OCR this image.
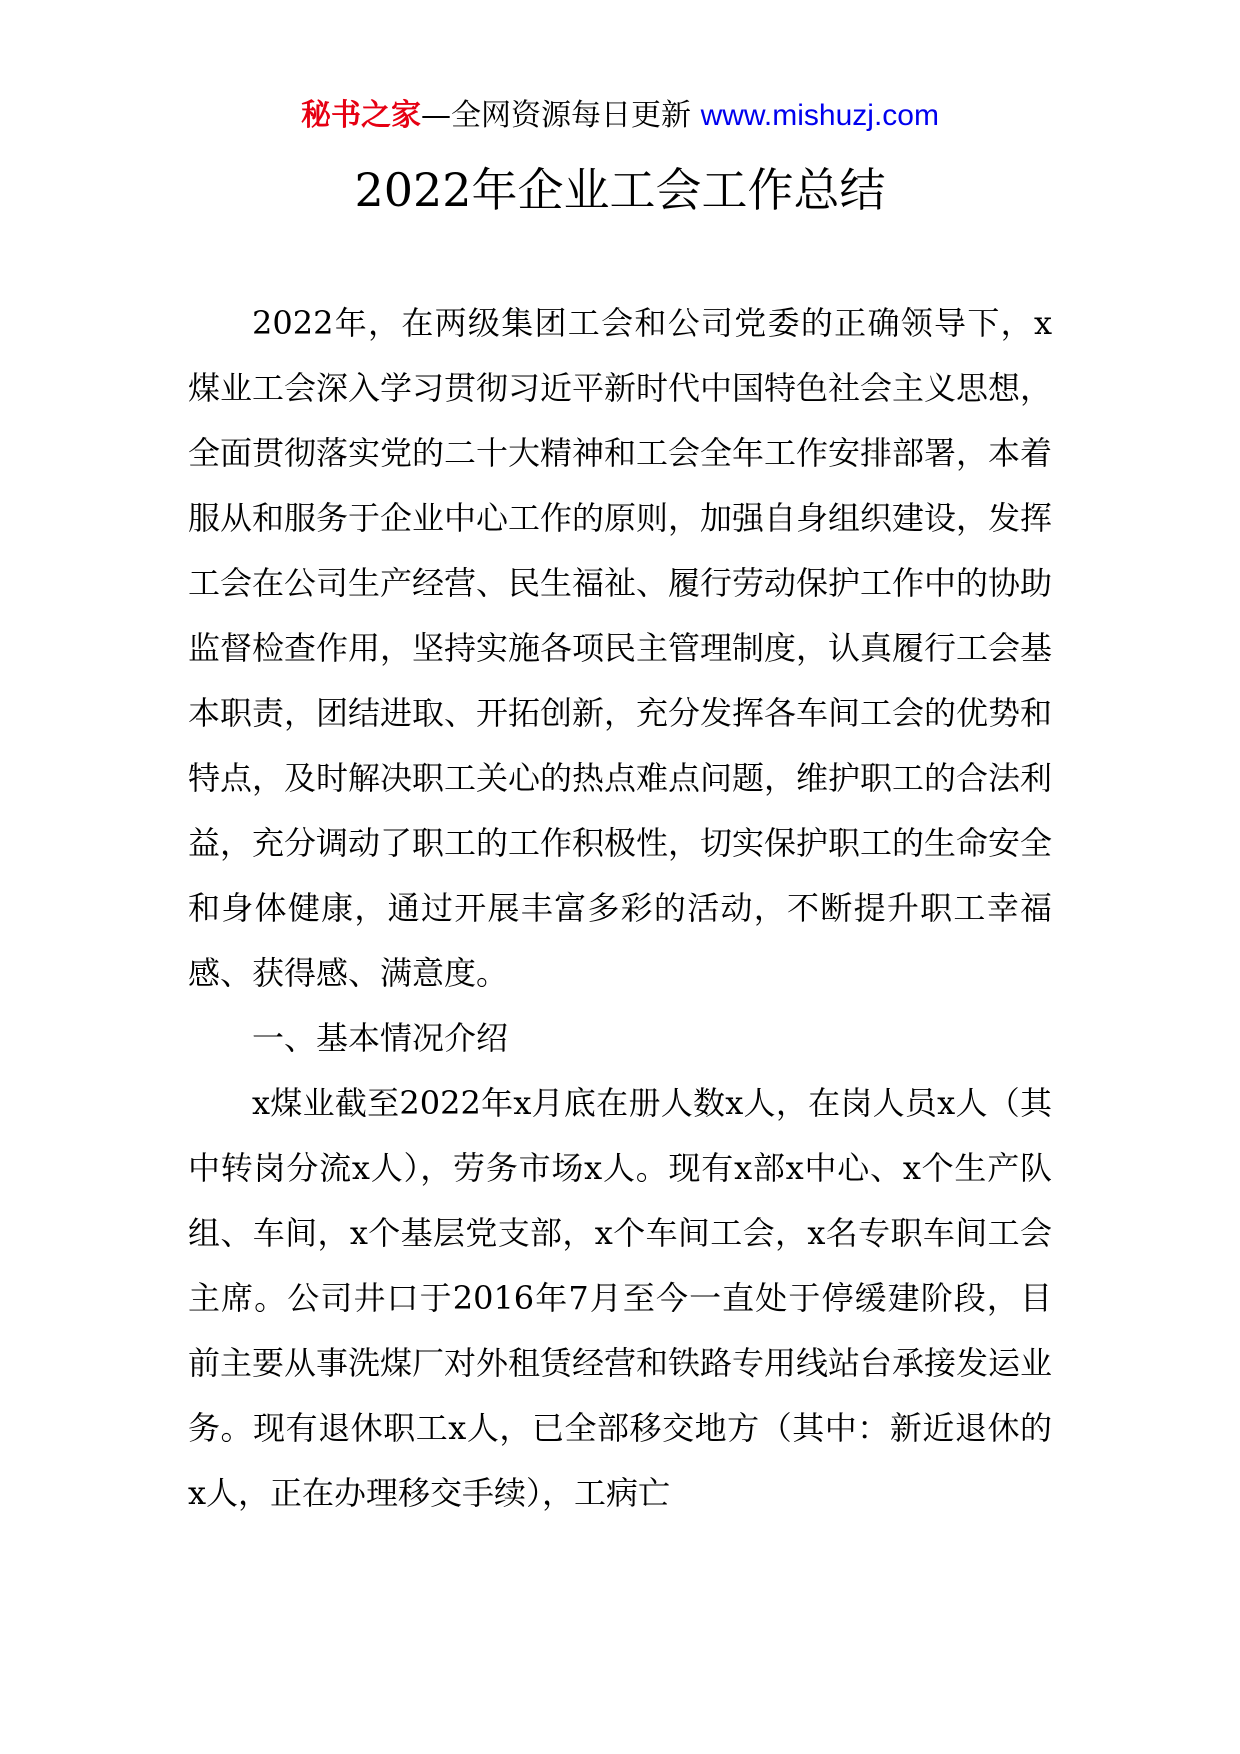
秘书之家—全网资源每日更新 www.mishuzj.com
2022年企业工会工作总结

2022年，在两级集团工会和公司党委的正确领导下，x煤业工会深入学习贯彻习近平新时代中国特色社会主义思想，全面贯彻落实党的二十大精神和工会全年工作安排部署，本着服从和服务于企业中心工作的原则，加强自身组织建设，发挥工会在公司生产经营、民生福祉、履行劳动保护工作中的协助监督检查作用，坚持实施各项民主管理制度，认真履行工会基本职责，团结进取、开拓创新，充分发挥各车间工会的优势和特点，及时解决职工关心的热点难点问题，维护职工的合法利益，充分调动了职工的工作积极性，切实保护职工的生命安全和身体健康，通过开展丰富多彩的活动，不断提升职工幸福感、获得感、满意度。

一、基本情况介绍

x煤业截至2022年x月底在册人数x人，在岗人员x人（其中转岗分流x人），劳务市场x人。现有x部x中心、x个生产队组、车间，x个基层党支部，x个车间工会，x名专职车间工会主席。公司井口于2016年7月至今一直处于停缓建阶段，目前主要从事洗煤厂对外租赁经营和铁路专用线站台承接发运业务。现有退休职工x人，已全部移交地方（其中：新近退休的x人，正在办理移交手续），工病亡
